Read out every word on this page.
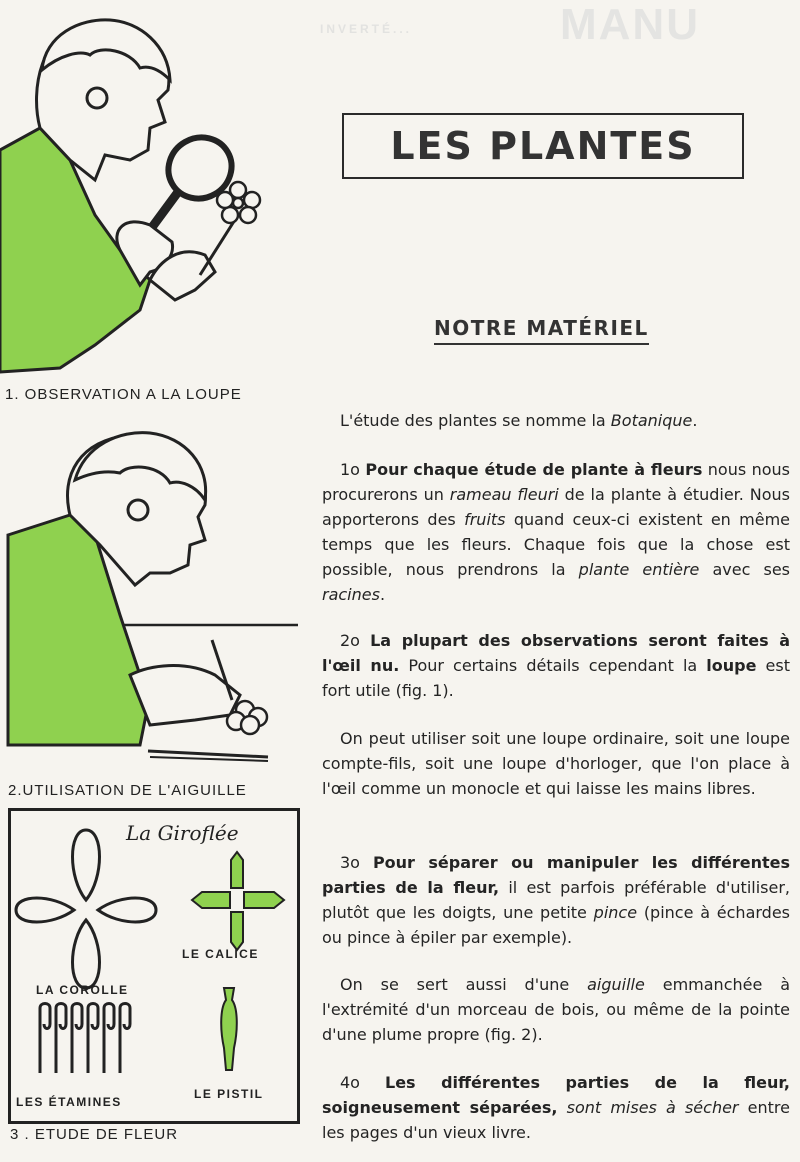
MANU
INVERTÉ...
LES PLANTES
1. OBSERVATION A LA LOUPE
2.UTILISATION DE L'AIGUILLE
La Giroflée
LE CALICE
LA COROLLE
LES ÉTAMINES
LE PISTIL
3 . ETUDE DE FLEUR
NOTRE MATÉRIEL

L'étude des plantes se nomme la Botanique.

1o Pour chaque étude de plante à fleurs nous nous procurerons un rameau fleuri de la plante à étudier. Nous apporterons des fruits quand ceux-ci existent en même temps que les fleurs. Chaque fois que la chose est possible, nous prendrons la plante entière avec ses racines.

2o La plupart des observations seront faites à l'œil nu. Pour certains détails cependant la loupe est fort utile (fig. 1).

On peut utiliser soit une loupe ordinaire, soit une loupe compte-fils, soit une loupe d'horloger, que l'on place à l'œil comme un monocle et qui laisse les mains libres.

3o Pour séparer ou manipuler les différentes parties de la fleur, il est parfois préférable d'utiliser, plutôt que les doigts, une petite pince (pince à échardes ou pince à épiler par exemple).

On se sert aussi d'une aiguille emmanchée à l'extrémité d'un morceau de bois, ou même de la pointe d'une plume propre (fig. 2).

4o Les différentes parties de la fleur, soigneusement séparées, sont mises à sécher entre les pages d'un vieux livre.
